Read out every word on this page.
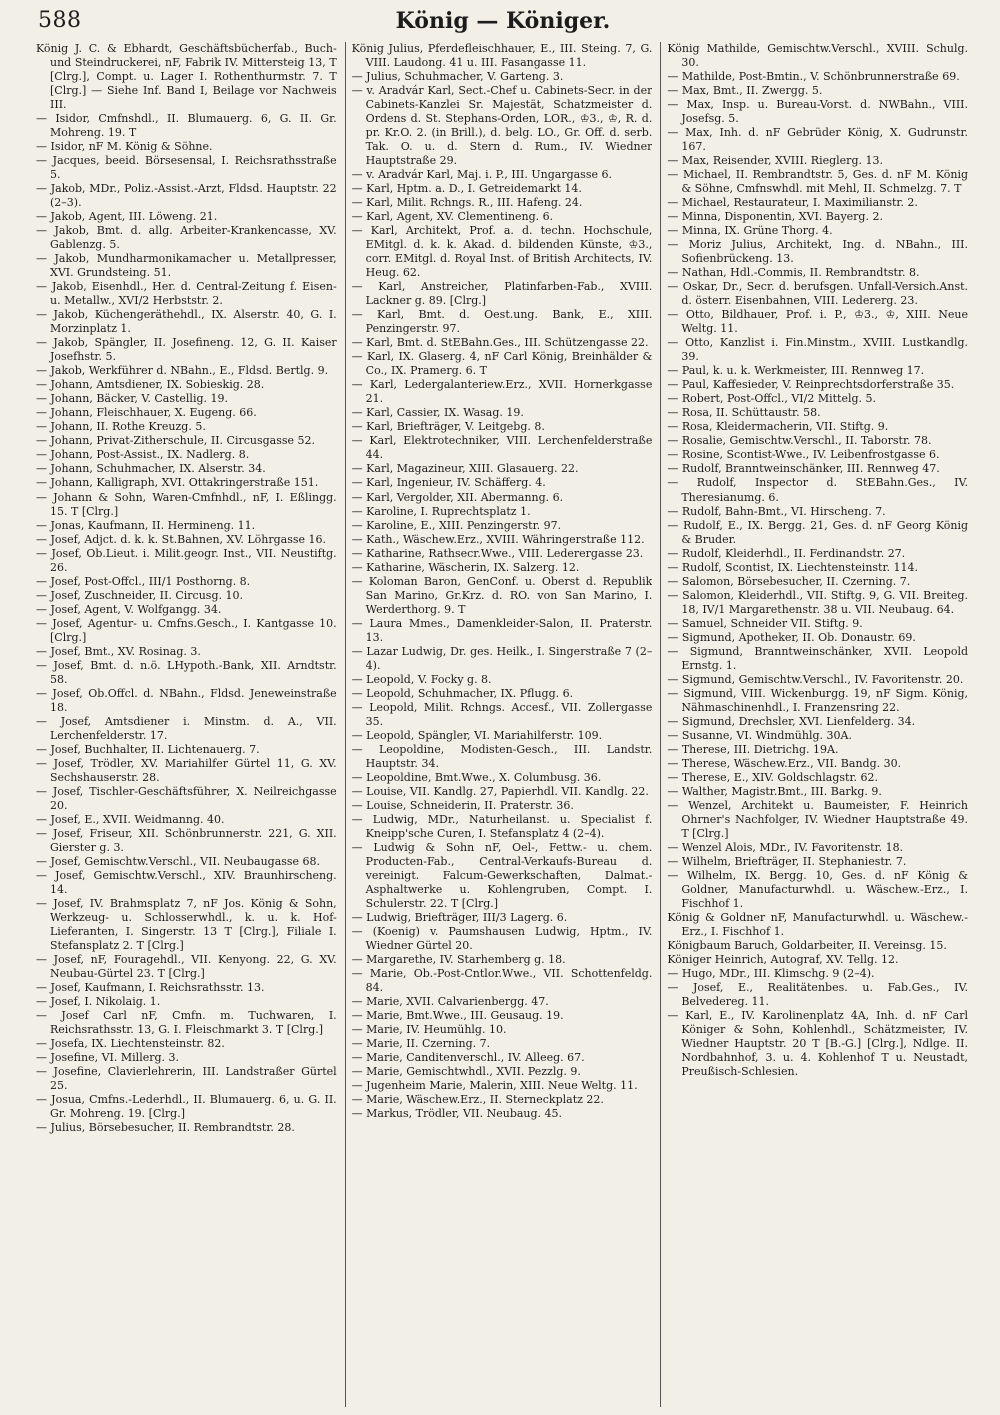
588	König — Königer.
König J. C. & Ebhardt, Geschäftsbücherfab., Buch- und Steindruckerei, nF, Fabrik IV. Mittersteig 13, T [Clrg.], Compt. u. Lager I. Rothenthurmstr. 7. T [Clrg.] — Siehe Inf. Band I, Beilage vor Nachweis III.
— Isidor, Cmfnshdl., II. Blumauerg. 6, G. II. Gr. Mohreng. 19. T
— Isidor, nF M. König & Söhne.
— Jacques, beeid. Börsesensal, I. Reichsrathsstraße 5.
— Jakob, MDr., Poliz.-Assist.-Arzt, Fldsd. Hauptstr. 22 (2–3).
— Jakob, Agent, III. Löweng. 21.
— Jakob, Bmt. d. allg. Arbeiter-Krankencasse, XV. Gablenzg. 5.
— Jakob, Mundharmonikamacher u. Metallpresser, XVI. Grundsteing. 51.
— Jakob, Eisenhdl., Her. d. Central-Zeitung f. Eisen- u. Metallw., XVI/2 Herbststr. 2.
— Jakob, Küchengeräthehdl., IX. Alserstr. 40, G. I. Morzinplatz 1.
— Jakob, Spängler, II. Josefineng. 12, G. II. Kaiser Josefhstr. 5.
— Jakob, Werkführer d. NBahn., E., Fldsd. Bertlg. 9.
— Johann, Amtsdiener, IX. Sobieskig. 28.
— Johann, Bäcker, V. Castellig. 19.
— Johann, Fleischhauer, X. Eugeng. 66.
— Johann, II. Rothe Kreuzg. 5.
— Johann, Privat-Zitherschule, II. Circusgasse 52.
— Johann, Post-Assist., IX. Nadlerg. 8.
— Johann, Schuhmacher, IX. Alserstr. 34.
— Johann, Kalligraph, XVI. Ottakringerstraße 151.
— Johann & Sohn, Waren-Cmfnhdl., nF, I. Eßlingg. 15. T [Clrg.]
— Jonas, Kaufmann, II. Hermineng. 11.
— Josef, Adjct. d. k. k. St.Bahnen, XV. Löhrgasse 16.
— Josef, Ob.Lieut. i. Milit.geogr. Inst., VII. Neustiftg. 26.
— Josef, Post-Offcl., III/1 Posthorng. 8.
— Josef, Zuschneider, II. Circusg. 10.
— Josef, Agent, V. Wolfgangg. 34.
— Josef, Agentur- u. Cmfns.Gesch., I. Kantgasse 10. [Clrg.]
— Josef, Bmt., XV. Rosinag. 3.
— Josef, Bmt. d. n.ö. LHypoth.-Bank, XII. Arndtstr. 58.
— Josef, Ob.Offcl. d. NBahn., Fldsd. Jeneweinstraße 18.
— Josef, Amtsdiener i. Minstm. d. A., VII. Lerchenfelderstr. 17.
— Josef, Buchhalter, II. Lichtenauerg. 7.
— Josef, Trödler, XV. Mariahilfer Gürtel 11, G. XV. Sechshauserstr. 28.
— Josef, Tischler-Geschäftsführer, X. Neilreichgasse 20.
— Josef, E., XVII. Weidmanng. 40.
— Josef, Friseur, XII. Schönbrunnerstr. 221, G. XII. Gierster g. 3.
— Josef, Gemischtw.Verschl., VII. Neubaugasse 68.
— Josef, Gemischtw.Verschl., XIV. Braunhirscheng. 14.
— Josef, IV. Brahmsplatz 7, nF Jos. König & Sohn, Werkzeug- u. Schlosserwhdl., k. u. k. Hof-Lieferanten, I. Singerstr. 13 T [Clrg.], Filiale I. Stefansplatz 2. T [Clrg.]
— Josef, nF, Fouragehdl., VII. Kenyong. 22, G. XV. Neubau-Gürtel 23. T [Clrg.]
— Josef, Kaufmann, I. Reichsrathsstr. 13.
— Josef, I. Nikolaig. 1.
— Josef Carl nF, Cmfn. m. Tuchwaren, I. Reichsrathsstr. 13, G. I. Fleischmarkt 3. T [Clrg.]
— Josefa, IX. Liechtensteinstr. 82.
— Josefine, VI. Millerg. 3.
— Josefine, Clavierlehrerin, III. Landstraßer Gürtel 25.
— Josua, Cmfns.-Lederhdl., II. Blumauerg. 6, u. G. II. Gr. Mohreng. 19. [Clrg.]
— Julius, Börsebesucher, II. Rembrandtstr. 28.
König Julius, Pferdefleischhauer, E., III. Steing. 7, G. VIII. Laudong. 41 u. III. Fasangasse 11.
— Julius, Schuhmacher, V. Garteng. 3.
— v. Aradvár Karl, Sect.-Chef u. Cabinets-Secr. in der Cabinets-Kanzlei Sr. Majestät, Schatzmeister d. Ordens d. St. Stephans-Orden, LOR., ♔3., ♔, R. d. pr. Kr.O. 2. (in Brill.), d. belg. LO., Gr. Off. d. serb. Tak. O. u. d. Stern d. Rum., IV. Wiedner Hauptstraße 29.
— v. Aradvár Karl, Maj. i. P., III. Ungargasse 6.
— Karl, Hptm. a. D., I. Getreidemarkt 14.
— Karl, Milit. Rchngs. R., III. Hafeng. 24.
— Karl, Agent, XV. Clementineng. 6.
— Karl, Architekt, Prof. a. d. techn. Hochschule, EMitgl. d. k. k. Akad. d. bildenden Künste, ♔3., corr. EMitgl. d. Royal Inst. of British Architects, IV. Heug. 62.
— Karl, Anstreicher, Platinfarben-Fab., XVIII. Lackner g. 89. [Clrg.]
— Karl, Bmt. d. Oest.ung. Bank, E., XIII. Penzingerstr. 97.
— Karl, Bmt. d. StEBahn.Ges., III. Schützengasse 22.
— Karl, IX. Glaserg. 4, nF Carl König, Breinhälder & Co., IX. Pramerg. 6. T
— Karl, Ledergalanteriew.Erz., XVII. Hornerkgasse 21.
— Karl, Cassier, IX. Wasag. 19.
— Karl, Briefträger, V. Leitgebg. 8.
— Karl, Elektrotechniker, VIII. Lerchenfelderstraße 44.
— Karl, Magazineur, XIII. Glasauerg. 22.
— Karl, Ingenieur, IV. Schäfferg. 4.
— Karl, Vergolder, XII. Abermanng. 6.
— Karoline, I. Ruprechtsplatz 1.
— Karoline, E., XIII. Penzingerstr. 97.
— Kath., Wäschew.Erz., XVIII. Währingerstraße 112.
— Katharine, Rathsecr.Wwe., VIII. Lederergasse 23.
— Katharine, Wäscherin, IX. Salzerg. 12.
— Koloman Baron, GenConf. u. Oberst d. Republik San Marino, Gr.Krz. d. RO. von San Marino, I. Werderthorg. 9. T
— Laura Mmes., Damenkleider-Salon, II. Praterstr. 13.
— Lazar Ludwig, Dr. ges. Heilk., I. Singerstraße 7 (2–4).
— Leopold, V. Focky g. 8.
— Leopold, Schuhmacher, IX. Pflugg. 6.
— Leopold, Milit. Rchngs. Accesf., VII. Zollergasse 35.
— Leopold, Spängler, VI. Mariahilferstr. 109.
— Leopoldine, Modisten-Gesch., III. Landstr. Hauptstr. 34.
— Leopoldine, Bmt.Wwe., X. Columbusg. 36.
— Louise, VII. Kandlg. 27, Papierhdl. VII. Kandlg. 22.
— Louise, Schneiderin, II. Praterstr. 36.
— Ludwig, MDr., Naturheilanst. u. Specialist f. Kneipp'sche Curen, I. Stefansplatz 4 (2–4).
— Ludwig & Sohn nF, Oel-, Fettw.- u. chem. Producten-Fab., Central-Verkaufs-Bureau d. vereinigt. Falcum-Gewerkschaften, Dalmat.-Asphaltwerke u. Kohlengruben, Compt. I. Schulerstr. 22. T [Clrg.]
— Ludwig, Briefträger, III/3 Lagerg. 6.
— (Koenig) v. Paumshausen Ludwig, Hptm., IV. Wiedner Gürtel 20.
— Margarethe, IV. Starhemberg g. 18.
— Marie, Ob.-Post-Cntlor.Wwe., VII. Schottenfeldg. 84.
— Marie, XVII. Calvarienbergg. 47.
— Marie, Bmt.Wwe., III. Geusaug. 19.
— Marie, IV. Heumühlg. 10.
— Marie, II. Czerning. 7.
— Marie, Canditenverschl., IV. Alleeg. 67.
— Marie, Gemischtwhdl., XVII. Pezzlg. 9.
— Jugenheim Marie, Malerin, XIII. Neue Weltg. 11.
— Marie, Wäschew.Erz., II. Sterneckplatz 22.
— Markus, Trödler, VII. Neubaug. 45.
König Mathilde, Gemischtw.Verschl., XVIII. Schulg. 30.
— Mathilde, Post-Bmtin., V. Schönbrunnerstraße 69.
— Max, Bmt., II. Zwergg. 5.
— Max, Insp. u. Bureau-Vorst. d. NWBahn., VIII. Josefsg. 5.
— Max, Inh. d. nF Gebrüder König, X. Gudrunstr. 167.
— Max, Reisender, XVIII. Rieglerg. 13.
— Michael, II. Rembrandtstr. 5, Ges. d. nF M. König & Söhne, Cmfnswhdl. mit Mehl, II. Schmelzg. 7. T
— Michael, Restaurateur, I. Maximilianstr. 2.
— Minna, Disponentin, XVI. Bayerg. 2.
— Minna, IX. Grüne Thorg. 4.
— Moriz Julius, Architekt, Ing. d. NBahn., III. Sofienbrückeng. 13.
— Nathan, Hdl.-Commis, II. Rembrandtstr. 8.
— Oskar, Dr., Secr. d. berufsgen. Unfall-Versich.Anst. d. österr. Eisenbahnen, VIII. Ledererg. 23.
— Otto, Bildhauer, Prof. i. P., ♔3., ♔, XIII. Neue Weltg. 11.
— Otto, Kanzlist i. Fin.Minstm., XVIII. Lustkandlg. 39.
— Paul, k. u. k. Werkmeister, III. Rennweg 17.
— Paul, Kaffesieder, V. Reinprechtsdorferstraße 35.
— Robert, Post-Offcl., VI/2 Mittelg. 5.
— Rosa, II. Schüttaustr. 58.
— Rosa, Kleidermacherin, VII. Stiftg. 9.
— Rosalie, Gemischtw.Verschl., II. Taborstr. 78.
— Rosine, Scontist-Wwe., IV. Leibenfrostgasse 6.
— Rudolf, Branntweinschänker, III. Rennweg 47.
— Rudolf, Inspector d. StEBahn.Ges., IV. Theresianumg. 6.
— Rudolf, Bahn-Bmt., VI. Hirscheng. 7.
— Rudolf, E., IX. Bergg. 21, Ges. d. nF Georg König & Bruder.
— Rudolf, Kleiderhdl., II. Ferdinandstr. 27.
— Rudolf, Scontist, IX. Liechtensteinstr. 114.
— Salomon, Börsebesucher, II. Czerning. 7.
— Salomon, Kleiderhdl., VII. Stiftg. 9, G. VII. Breiteg. 18, IV/1 Margarethenstr. 38 u. VII. Neubaug. 64.
— Samuel, Schneider VII. Stiftg. 9.
— Sigmund, Apotheker, II. Ob. Donaustr. 69.
— Sigmund, Branntweinschänker, XVII. Leopold Ernstg. 1.
— Sigmund, Gemischtw.Verschl., IV. Favoritenstr. 20.
— Sigmund, VIII. Wickenburgg. 19, nF Sigm. König, Nähmaschinenhdl., I. Franzensring 22.
— Sigmund, Drechsler, XVI. Lienfelderg. 34.
— Susanne, VI. Windmühlg. 30A.
— Therese, III. Dietrichg. 19A.
— Therese, Wäschew.Erz., VII. Bandg. 30.
— Therese, E., XIV. Goldschlagstr. 62.
— Walther, Magistr.Bmt., III. Barkg. 9.
— Wenzel, Architekt u. Baumeister, F. Heinrich Ohrner's Nachfolger, IV. Wiedner Hauptstraße 49. T [Clrg.]
— Wenzel Alois, MDr., IV. Favoritenstr. 18.
— Wilhelm, Briefträger, II. Stephaniestr. 7.
— Wilhelm, IX. Bergg. 10, Ges. d. nF König & Goldner, Manufacturwhdl. u. Wäschew.-Erz., I. Fischhof 1.
König & Goldner nF, Manufacturwhdl. u. Wäschew.-Erz., I. Fischhof 1.
Königbaum Baruch, Goldarbeiter, II. Vereinsg. 15.
Königer Heinrich, Autograf, XV. Tellg. 12.
— Hugo, MDr., III. Klimschg. 9 (2–4).
— Josef, E., Realitätenbes. u. Fab.Ges., IV. Belvedereg. 11.
— Karl, E., IV. Karolinenplatz 4A, Inh. d. nF Carl Königer & Sohn, Kohlenhdl., Schätzmeister, IV. Wiedner Hauptstr. 20 T [B.-G.] [Clrg.], Ndlge. II. Nordbahnhof, 3. u. 4. Kohlenhof T u. Neustadt, Preußisch-Schlesien.
